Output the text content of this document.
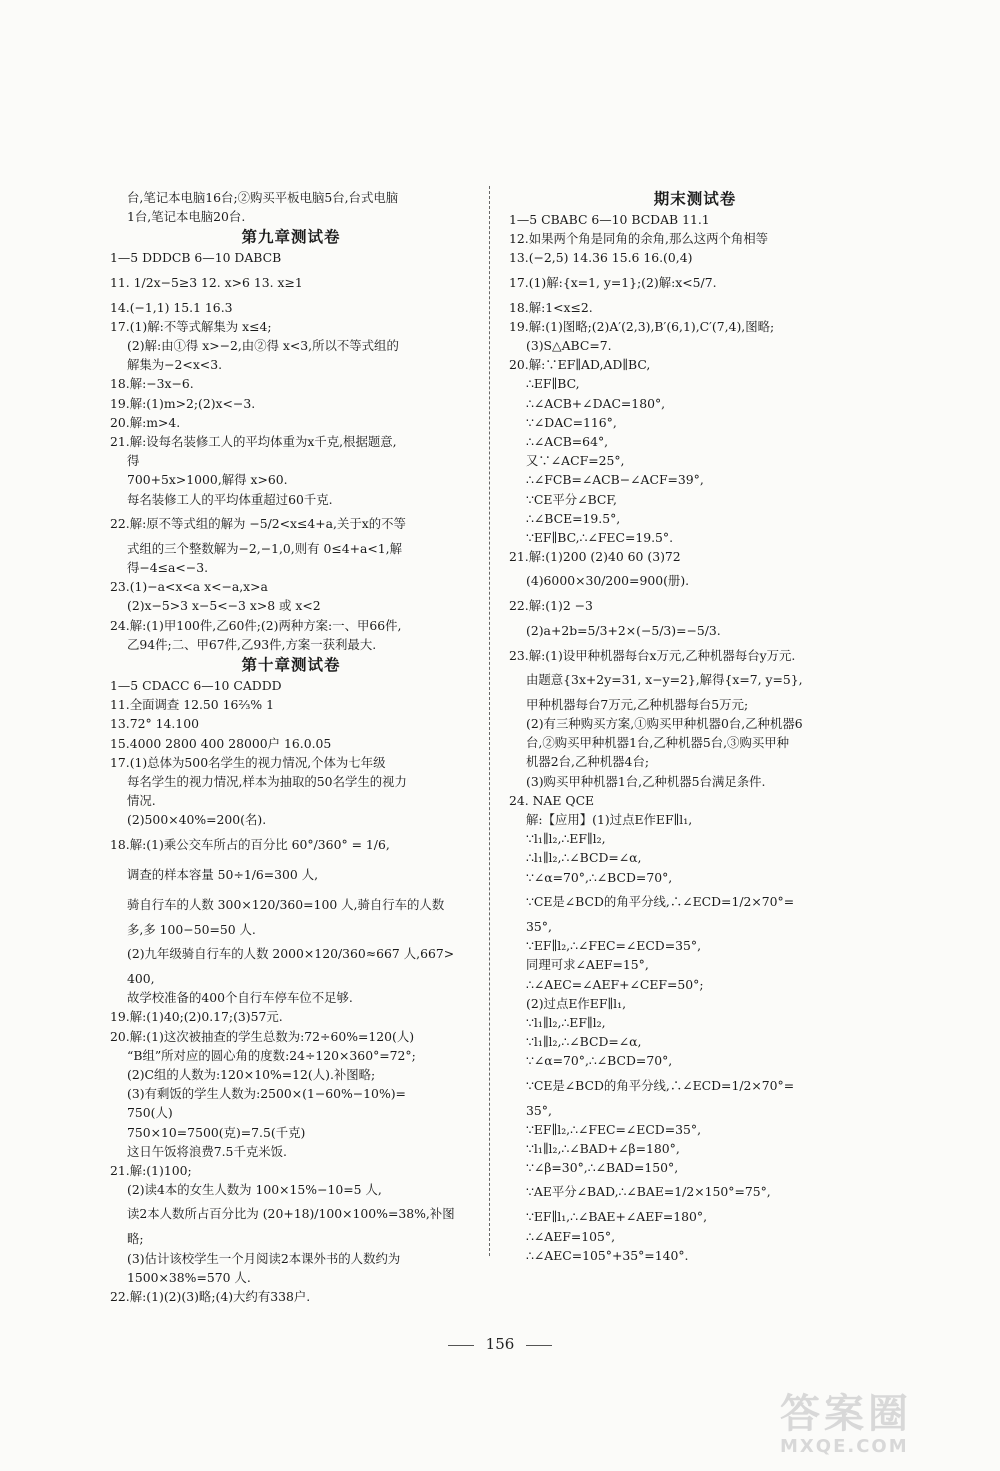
台,笔记本电脑16台;②购买平板电脑5台,台式电脑
1台,笔记本电脑20台.
第九章测试卷
1—5 DDDCB 6—10 DABCB
11. 1/2x−5≥3 12. x>6 13. x≥1
14.(−1,1) 15.1 16.3
17.(1)解:不等式解集为 x≤4;
(2)解:由①得 x>−2,由②得 x<3,所以不等式组的
解集为−2<x<3.
18.解:−3x−6.
19.解:(1)m>2;(2)x<−3.
20.解:m>4.
21.解:设每名装修工人的平均体重为x千克,根据题意,
得
700+5x>1000,解得 x>60.
每名装修工人的平均体重超过60千克.
22.解:原不等式组的解为 −5/2<x≤4+a,关于x的不等
式组的三个整数解为−2,−1,0,则有 0≤4+a<1,解
得−4≤a<−3.
23.(1)−a<x<a x<−a,x>a
(2)x−5>3 x−5<−3 x>8 或 x<2
24.解:(1)甲100件,乙60件;(2)两种方案:一、甲66件,
乙94件;二、甲67件,乙93件,方案一获利最大.
第十章测试卷
1—5 CDACC 6—10 CADDD
11.全面调查 12.50 16⅔% 1
13.72° 14.100
15.4000 2800 400 28000户 16.0.05
17.(1)总体为500名学生的视力情况,个体为七年级
每名学生的视力情况,样本为抽取的50名学生的视力
情况.
(2)500×40%=200(名).
18.解:(1)乘公交车所占的百分比 60°/360° = 1/6,
调查的样本容量 50÷1/6=300 人,
骑自行车的人数 300×120/360=100 人,骑自行车的人数
多,多 100−50=50 人.
(2)九年级骑自行车的人数 2000×120/360≈667 人,667>
400,
故学校准备的400个自行车停车位不足够.
19.解:(1)40;(2)0.17;(3)57元.
20.解:(1)这次被抽查的学生总数为:72÷60%=120(人)
“B组”所对应的圆心角的度数:24÷120×360°=72°;
(2)C组的人数为:120×10%=12(人).补图略;
(3)有剩饭的学生人数为:2500×(1−60%−10%)=
750(人)
750×10=7500(克)=7.5(千克)
这日午饭将浪费7.5千克米饭.
21.解:(1)100;
(2)读4本的女生人数为 100×15%−10=5 人,
读2本人数所占百分比为 (20+18)/100×100%=38%,补图
略;
(3)估计该校学生一个月阅读2本课外书的人数约为
1500×38%=570 人.
22.解:(1)(2)(3)略;(4)大约有338户.
期末测试卷
1—5 CBABC 6—10 BCDAB 11.1
12.如果两个角是同角的余角,那么这两个角相等
13.(−2,5) 14.36 15.6 16.(0,4)
17.(1)解:{x=1, y=1};(2)解:x<5/7.
18.解:1<x≤2.
19.解:(1)图略;(2)A′(2,3),B′(6,1),C′(7,4),图略;
(3)S△ABC=7.
20.解:∵EF∥AD,AD∥BC,
∴EF∥BC,
∴∠ACB+∠DAC=180°,
∵∠DAC=116°,
∴∠ACB=64°,
又∵∠ACF=25°,
∴∠FCB=∠ACB−∠ACF=39°,
∵CE平分∠BCF,
∴∠BCE=19.5°,
∵EF∥BC,∴∠FEC=19.5°.
21.解:(1)200 (2)40 60 (3)72
(4)6000×30/200=900(册).
22.解:(1)2 −3
(2)a+2b=5/3+2×(−5/3)=−5/3.
23.解:(1)设甲种机器每台x万元,乙种机器每台y万元.
由题意{3x+2y=31, x−y=2},解得{x=7, y=5},
甲种机器每台7万元,乙种机器每台5万元;
(2)有三种购买方案,①购买甲种机器0台,乙种机器6
台,②购买甲种机器1台,乙种机器5台,③购买甲种
机器2台,乙种机器4台;
(3)购买甲种机器1台,乙种机器5台满足条件.
24. NAE QCE
解:【应用】(1)过点E作EF∥l₁,
∵l₁∥l₂,∴EF∥l₂,
∴l₁∥l₂,∴∠BCD=∠α,
∵∠α=70°,∴∠BCD=70°,
∵CE是∠BCD的角平分线,∴∠ECD=1/2×70°=
35°,
∵EF∥l₂,∴∠FEC=∠ECD=35°,
同理可求∠AEF=15°,
∴∠AEC=∠AEF+∠CEF=50°;
(2)过点E作EF∥l₁,
∵l₁∥l₂,∴EF∥l₂,
∵l₁∥l₂,∴∠BCD=∠α,
∵∠α=70°,∴∠BCD=70°,
∵CE是∠BCD的角平分线,∴∠ECD=1/2×70°=
35°,
∵EF∥l₂,∴∠FEC=∠ECD=35°,
∵l₁∥l₂,∴∠BAD+∠β=180°,
∵∠β=30°,∴∠BAD=150°,
∵AE平分∠BAD,∴∠BAE=1/2×150°=75°,
∵EF∥l₁,∴∠BAE+∠AEF=180°,
∴∠AEF=105°,
∴∠AEC=105°+35°=140°.
156
答案圈
MXQE.COM
